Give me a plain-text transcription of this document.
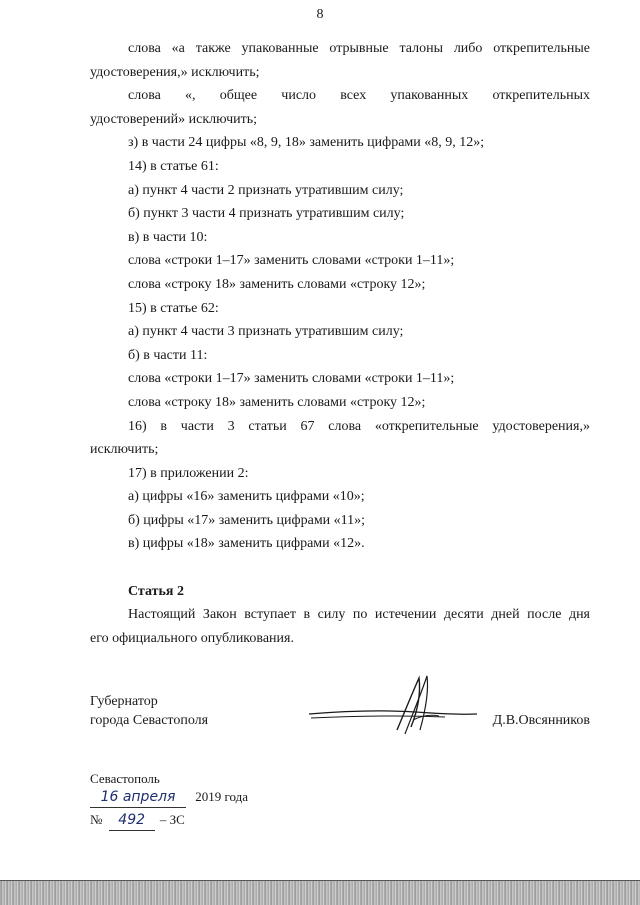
8
слова «а также упакованные отрывные талоны либо открепительные
удостоверения,» исключить;
слова «, общее число всех упакованных открепительных
удостоверений» исключить;
з) в части 24 цифры «8, 9, 18» заменить цифрами «8, 9, 12»;
14) в статье 61:
а) пункт 4 части 2 признать утратившим силу;
б) пункт 3 части 4 признать утратившим силу;
в) в части 10:
слова «строки 1–17» заменить словами «строки 1–11»;
слова «строку 18» заменить словами «строку 12»;
15) в статье 62:
а) пункт 4 части 3 признать утратившим силу;
б) в части 11:
слова «строки 1–17» заменить словами «строки 1–11»;
слова «строку 18» заменить словами «строку 12»;
16) в части 3 статьи 67 слова «открепительные удостоверения,»
исключить;
17) в приложении 2:
а) цифры «16» заменить цифрами «10»;
б) цифры «17» заменить цифрами «11»;
в) цифры «18» заменить цифрами «12».
Статья 2
Настоящий Закон вступает в силу по истечении десяти дней после дня
его официального опубликования.
Губернатор
города Севастополя	Д.В.Овсянников
Севастополь
16 апреля 2019 года
№ 492 – ЗС
